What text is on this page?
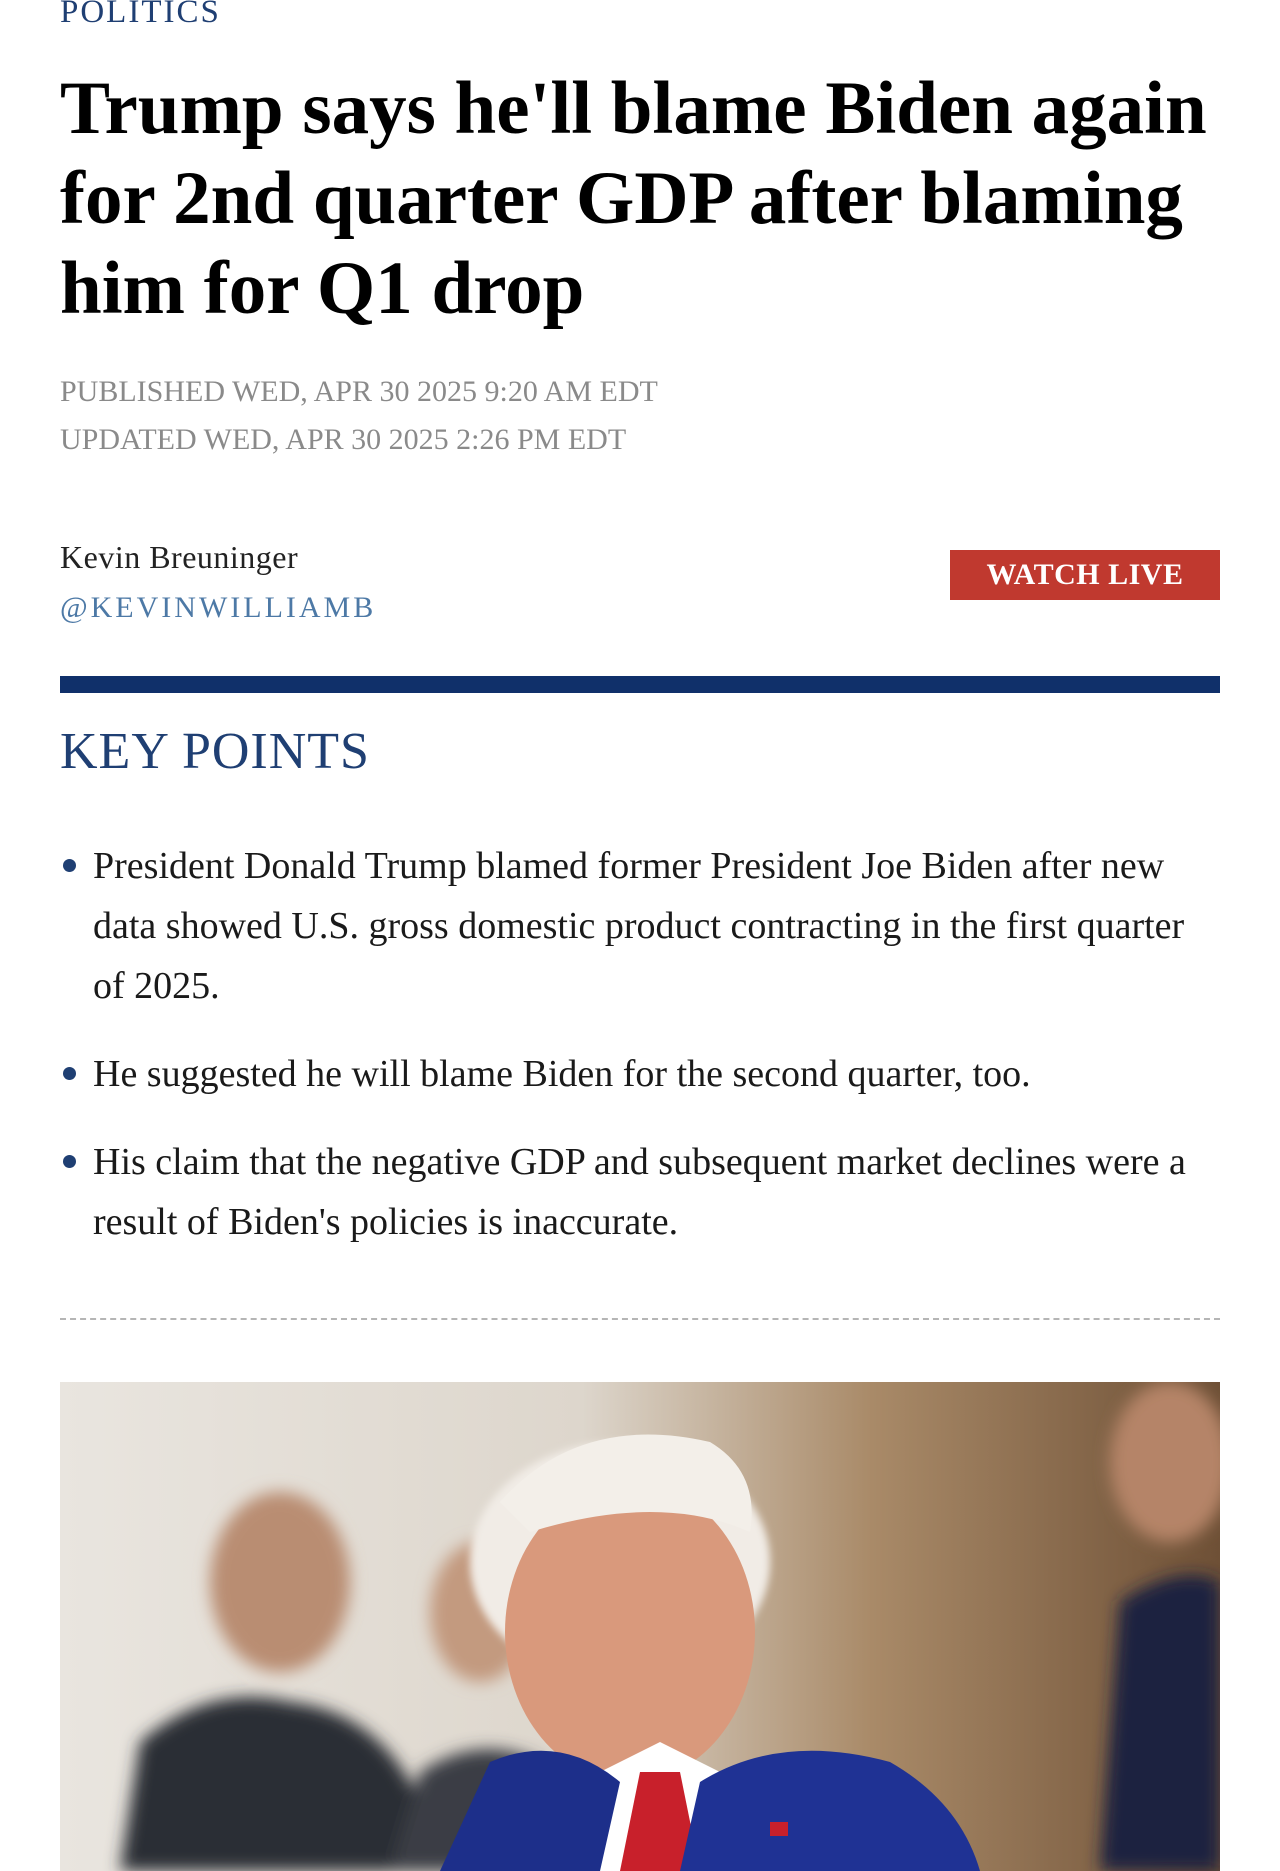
POLITICS
Trump says he'll blame Biden again for 2nd quarter GDP after blaming him for Q1 drop
PUBLISHED WED, APR 30 2025 9:20 AM EDT
UPDATED WED, APR 30 2025 2:26 PM EDT
Kevin Breuninger
@KEVINWILLIAMB
WATCH LIVE
KEY POINTS
President Donald Trump blamed former President Joe Biden after new data showed U.S. gross domestic product contracting in the first quarter of 2025.
He suggested he will blame Biden for the second quarter, too.
His claim that the negative GDP and subsequent market declines were a result of Biden's policies is inaccurate.
